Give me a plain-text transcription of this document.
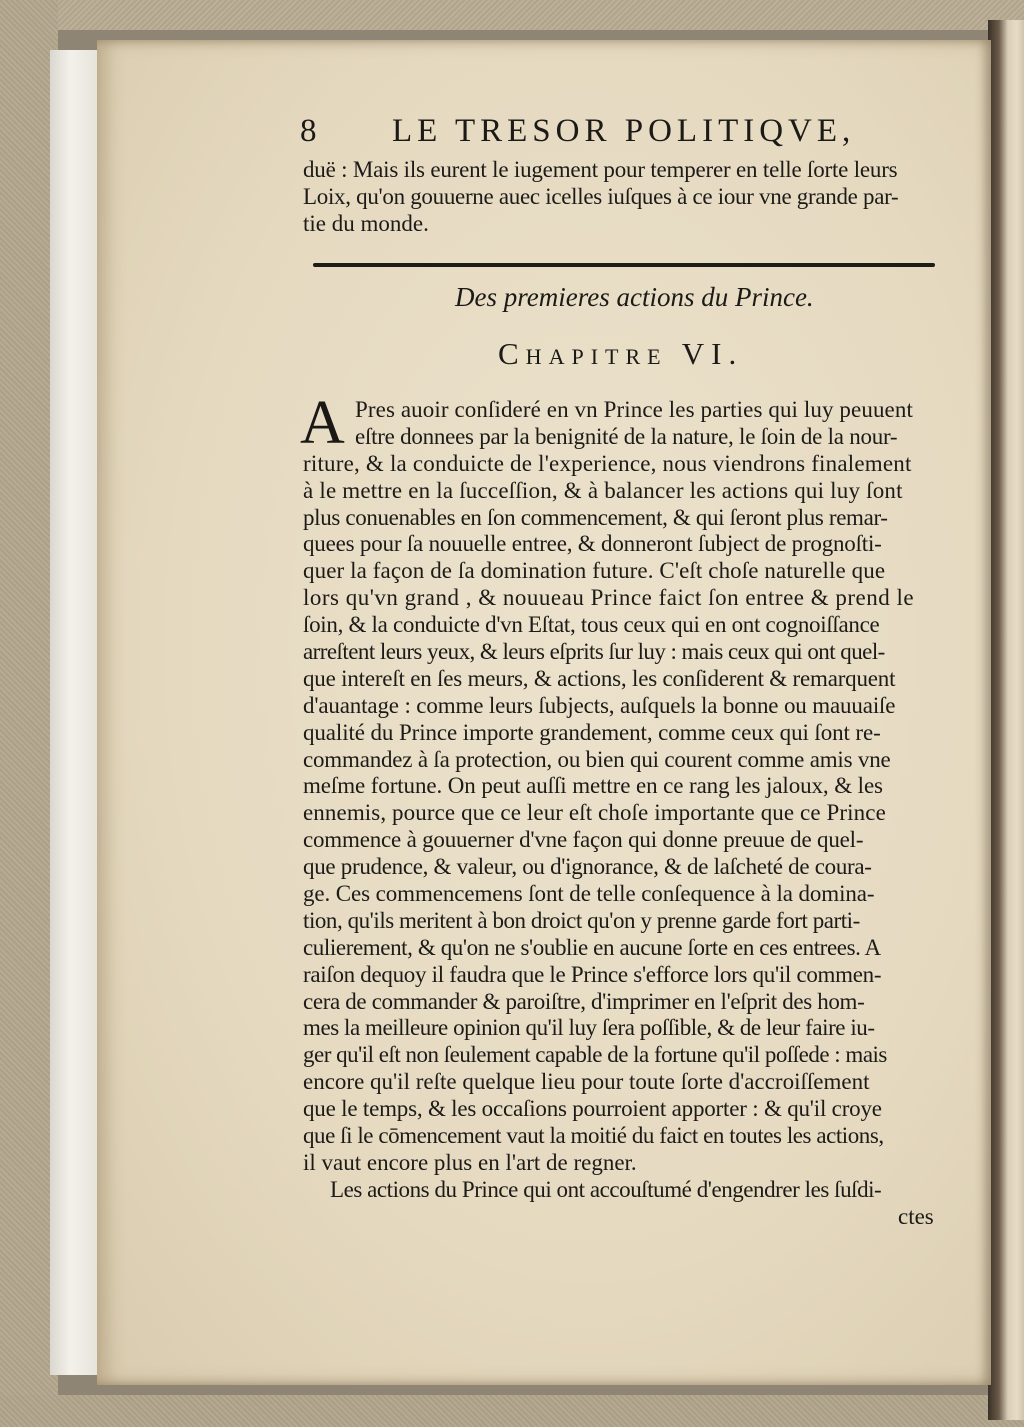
8 LE TRESOR POLITIQVE,
duë : Mais ils eurent le iugement pour temperer en telle ſorte leurs
Loix, qu'on gouuerne auec icelles iuſques à ce iour vne grande par-
tie du monde.
Des premieres actions du Prince.
Chapitre VI.
A Pres auoir conſideré en vn Prince les parties qui luy peuuent
eſtre donnees par la benignité de la nature, le ſoin de la nour-
riture, & la conduicte de l'experience, nous viendrons finalement
à le mettre en la ſucceſſion, & à balancer les actions qui luy ſont
plus conuenables en ſon commencement, & qui ſeront plus remar-
quees pour ſa nouuelle entree, & donneront ſubject de prognoſti-
quer la façon de ſa domination future. C'eſt choſe naturelle que
lors qu'vn grand , & nouueau Prince faict ſon entree & prend le
ſoin, & la conduicte d'vn Eſtat, tous ceux qui en ont cognoiſſance
arreſtent leurs yeux, & leurs eſprits ſur luy : mais ceux qui ont quel-
que intereſt en ſes meurs, & actions, les conſiderent & remarquent
d'auantage : comme leurs ſubjects, auſquels la bonne ou mauuaiſe
qualité du Prince importe grandement, comme ceux qui ſont re-
commandez à ſa protection, ou bien qui courent comme amis vne
meſme fortune. On peut auſſi mettre en ce rang les jaloux, & les
ennemis, pource que ce leur eſt choſe importante que ce Prince
commence à gouuerner d'vne façon qui donne preuue de quel-
que prudence, & valeur, ou d'ignorance, & de laſcheté de coura-
ge. Ces commencemens ſont de telle conſequence à la domina-
tion, qu'ils meritent à bon droict qu'on y prenne garde fort parti-
culierement, & qu'on ne s'oublie en aucune ſorte en ces entrees. A
raiſon dequoy il faudra que le Prince s'efforce lors qu'il commen-
cera de commander & paroiſtre, d'imprimer en l'eſprit des hom-
mes la meilleure opinion qu'il luy ſera poſſible, & de leur faire iu-
ger qu'il eſt non ſeulement capable de la fortune qu'il poſſede : mais
encore qu'il reſte quelque lieu pour toute ſorte d'accroiſſement
que le temps, & les occaſions pourroient apporter : & qu'il croye
que ſi le cōmencement vaut la moitié du faict en toutes les actions,
il vaut encore plus en l'art de regner.
Les actions du Prince qui ont accouſtumé d'engendrer les ſuſdi-
ctes
